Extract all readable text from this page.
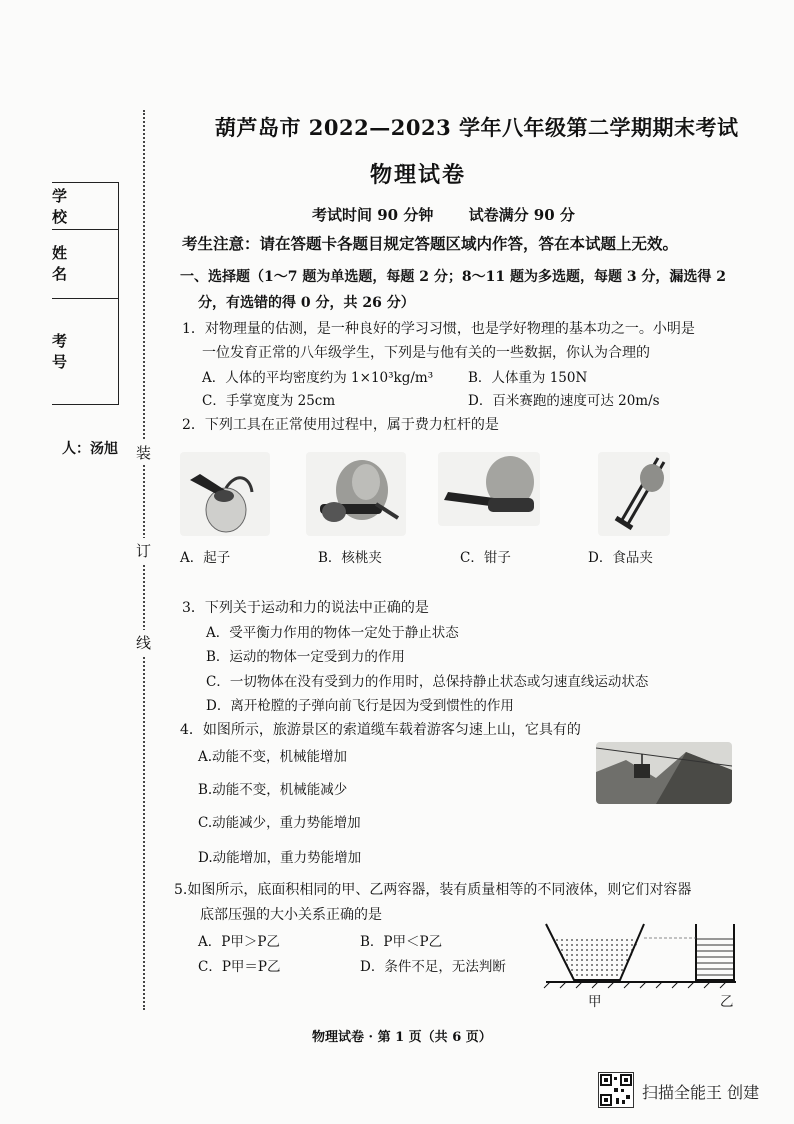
学 校
姓 名
考 号
人：汤旭 装
订
线
葫芦岛市 2022—2023 学年八年级第二学期期末考试
物理试卷
考试时间 90 分钟 试卷满分 90 分
考生注意：请在答题卡各题目规定答题区域内作答，答在本试题上无效。
一、选择题（1～7 题为单选题，每题 2 分；8～11 题为多选题，每题 3 分，漏选得 2
分，有选错的得 0 分，共 26 分）
1．对物理量的估测，是一种良好的学习习惯，也是学好物理的基本功之一。小明是
一位发育正常的八年级学生，下列是与他有关的一些数据，你认为合理的
A．人体的平均密度约为 1×10³kg/m³	B．人体重为 150N
C．手掌宽度为 25cm	D．百米赛跑的速度可达 20m/s
2．下列工具在正常使用过程中，属于费力杠杆的是
A．起子	B．核桃夹	C．钳子	D．食品夹
3．下列关于运动和力的说法中正确的是
A．受平衡力作用的物体一定处于静止状态
B．运动的物体一定受到力的作用
C．一切物体在没有受到力的作用时，总保持静止状态或匀速直线运动状态
D．离开枪膛的子弹向前飞行是因为受到惯性的作用
4．如图所示，旅游景区的索道缆车载着游客匀速上山，它具有的
A.动能不变，机械能增加
B.动能不变，机械能减少
C.动能减少，重力势能增加
D.动能增加，重力势能增加
5.如图所示，底面积相同的甲、乙两容器，装有质量相等的不同液体，则它们对容器
底部压强的大小关系正确的是
A．P甲＞P乙	B．P甲＜P乙
C．P甲＝P乙	D．条件不足，无法判断
甲	乙
物理试卷 · 第 1 页（共 6 页）
扫描全能王 创建
